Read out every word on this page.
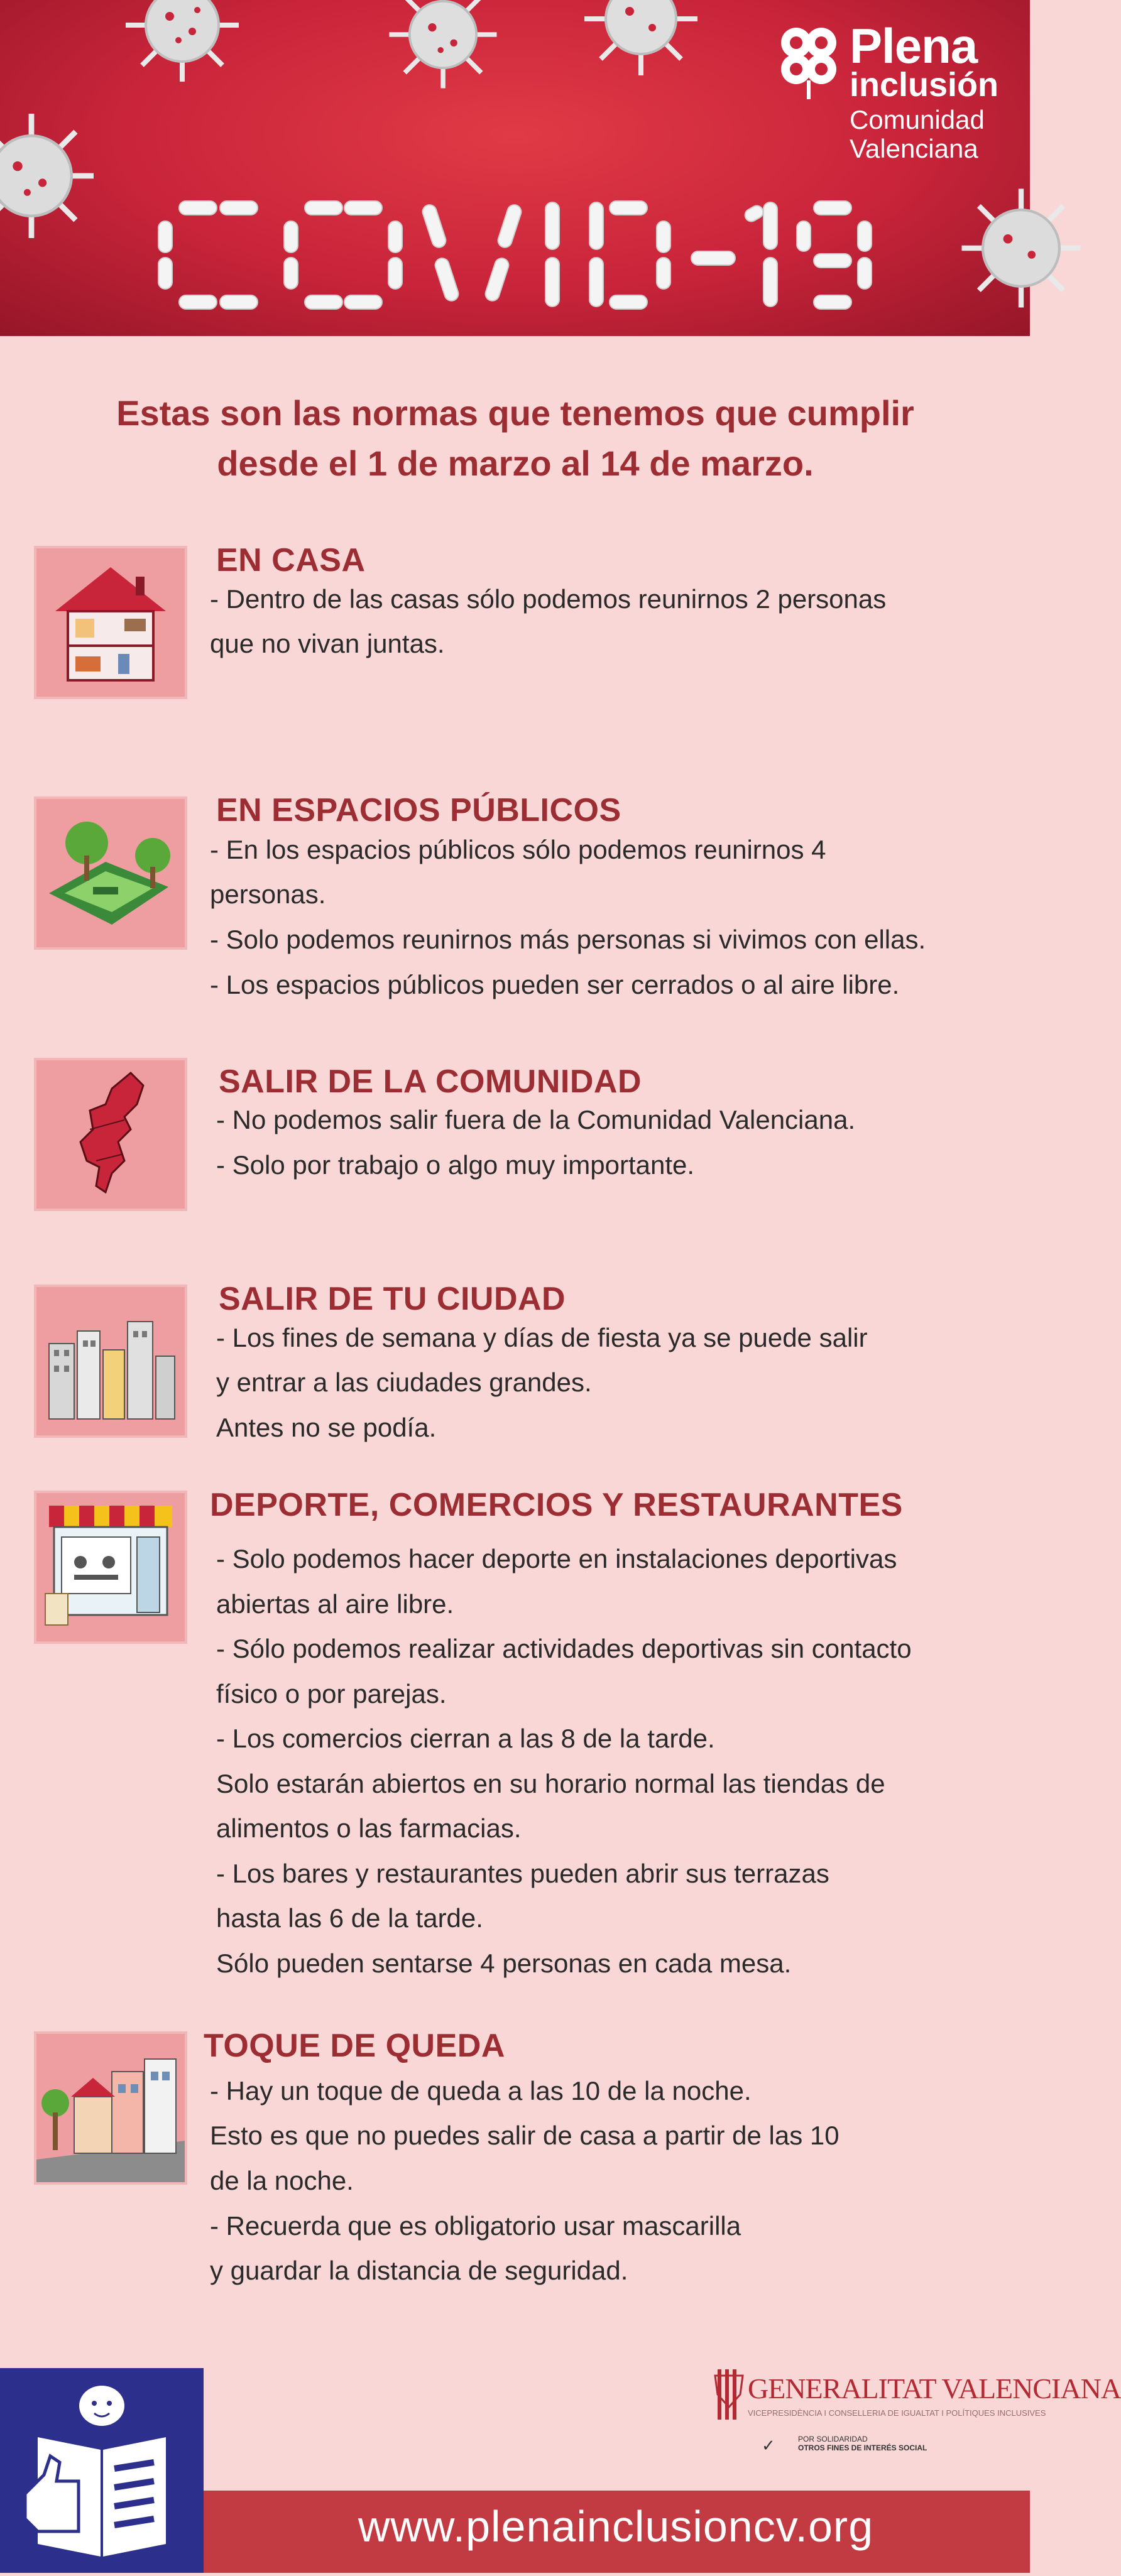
Plena
inclusión
Comunidad
Valenciana
Estas son las normas que tenemos que cumplir
desde el 1 de marzo al 14 de marzo.
EN CASA
- Dentro de las casas sólo podemos reunirnos 2 personas
que no vivan juntas.
EN ESPACIOS PÚBLICOS
- En los espacios públicos sólo podemos reunirnos 4
personas.
- Solo podemos reunirnos más personas si vivimos con ellas.
- Los espacios públicos pueden ser cerrados o al aire libre.
SALIR DE LA COMUNIDAD
- No podemos salir fuera de la Comunidad Valenciana.
- Solo por trabajo o algo muy importante.
SALIR DE TU CIUDAD
- Los fines de semana y días de fiesta ya se puede salir
y entrar a las ciudades grandes.
Antes no se podía.
DEPORTE, COMERCIOS Y RESTAURANTES
- Solo podemos hacer deporte en instalaciones deportivas
abiertas al aire libre.
- Sólo podemos realizar actividades deportivas sin contacto
físico o por parejas.
- Los comercios cierran a las 8 de la tarde.
Solo estarán abiertos en su horario normal las tiendas de
alimentos o las farmacias.
- Los bares y restaurantes pueden abrir sus terrazas
hasta las 6 de la tarde.
Sólo pueden sentarse 4 personas en cada mesa.
TOQUE DE QUEDA
- Hay un toque de queda a las 10 de la noche.
Esto es que no puedes salir de casa a partir de las 10
de la noche.
- Recuerda que es obligatorio usar mascarilla
y guardar la distancia de seguridad.
www.plenainclusioncv.org
GENERALITAT VALENCIANA
VICEPRESIDÈNCIA I CONSELLERIA DE IGUALTAT I POLÍTIQUES INCLUSIVES
✓	POR SOLIDARIDAD
OTROS FINES DE INTERÉS SOCIAL
